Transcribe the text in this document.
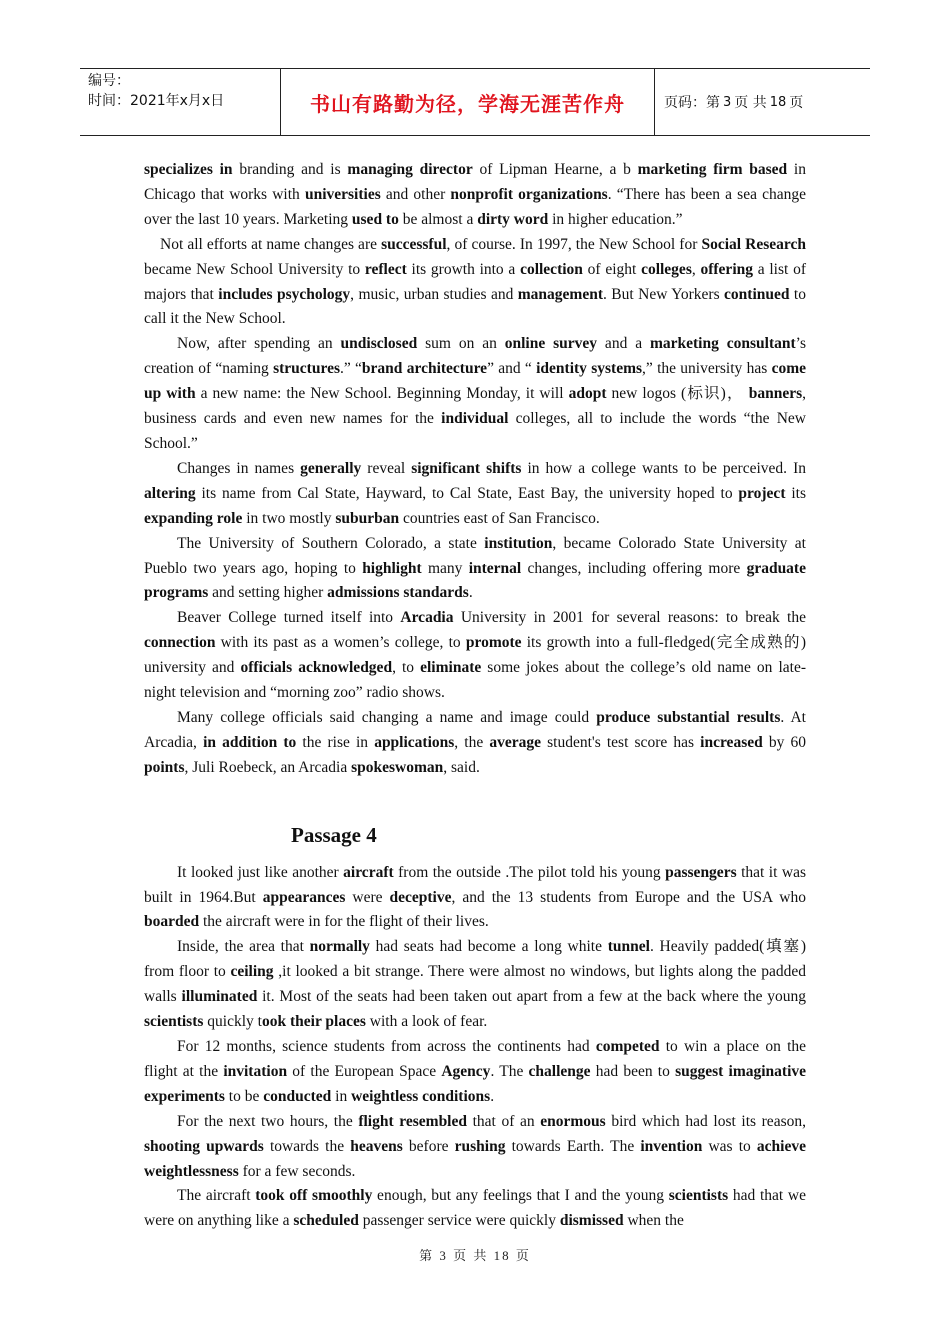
编号：
时间：2021年x月x日	书山有路勤为径，学海无涯苦作舟	页码：第 3 页 共 18 页

specializes in branding and is managing director of Lipman Hearne, a b marketing firm based in Chicago that works with universities and other nonprofit organizations. “There has been a sea change over the last 10 years. Marketing used to be almost a dirty word in higher education.”

Not all efforts at name changes are successful, of course. In 1997, the New School for Social Research became New School University to reflect its growth into a collection of eight colleges, offering a list of majors that includes psychology, music, urban studies and management. But New Yorkers continued to call it the New School.

Now, after spending an undisclosed sum on an online survey and a marketing consultant’s creation of “naming structures.” “brand architecture” and “ identity systems,” the university has come up with a new name: the New School. Beginning Monday, it will adopt new logos (标识)， banners, business cards and even new names for the individual colleges, all to include the words “the New School.”

Changes in names generally reveal significant shifts in how a college wants to be perceived. In altering its name from Cal State, Hayward, to Cal State, East Bay, the university hoped to project its expanding role in two mostly suburban countries east of San Francisco.

The University of Southern Colorado, a state institution, became Colorado State University at Pueblo two years ago, hoping to highlight many internal changes, including offering more graduate programs and setting higher admissions standards.

Beaver College turned itself into Arcadia University in 2001 for several reasons: to break the connection with its past as a women’s college, to promote its growth into a full-fledged(完全成熟的) university and officials acknowledged, to eliminate some jokes about the college’s old name on late-night television and “morning zoo” radio shows.

Many college officials said changing a name and image could produce substantial results. At Arcadia, in addition to the rise in applications, the average student's test score has increased by 60 points, Juli Roebeck, an Arcadia spokeswoman, said.

Passage 4

It looked just like another aircraft from the outside .The pilot told his young passengers that it was built in 1964.But appearances were deceptive, and the 13 students from Europe and the USA who boarded the aircraft were in for the flight of their lives.

Inside, the area that normally had seats had become a long white tunnel. Heavily padded(填塞) from floor to ceiling ,it looked a bit strange. There were almost no windows, but lights along the padded walls illuminated it. Most of the seats had been taken out apart from a few at the back where the young scientists quickly took their places with a look of fear.

For 12 months, science students from across the continents had competed to win a place on the flight at the invitation of the European Space Agency. The challenge had been to suggest imaginative experiments to be conducted in weightless conditions.

For the next two hours, the flight resembled that of an enormous bird which had lost its reason, shooting upwards towards the heavens before rushing towards Earth. The invention was to achieve weightlessness for a few seconds.

The aircraft took off smoothly enough, but any feelings that I and the young scientists had that we were on anything like a scheduled passenger service were quickly dismissed when the

第 3 页 共 18 页
